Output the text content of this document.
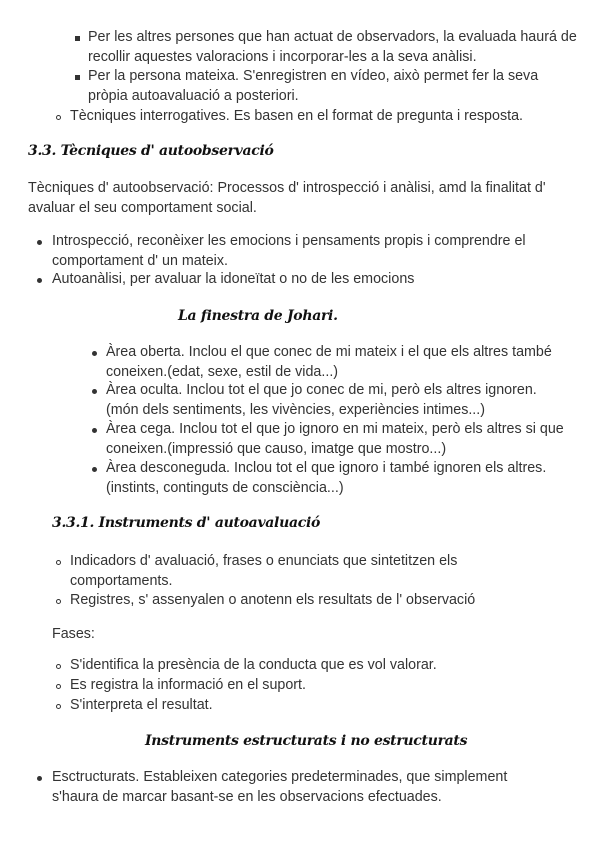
Per les altres persones que han actuat de observadors, la evaluada haurá de recollir aquestes valoracions i incorporar-les a la seva anàlisi.
Per la persona mateixa. S'enregistren en vídeo, això permet fer la seva pròpia autoavaluació a posteriori.
Tècniques interrogatives. Es basen en el format de pregunta i resposta.
3.3. Tècniques d' autoobservació

Tècniques d' autoobservació: Processos d' introspecció i anàlisi, amd la finalitat d' avaluar el seu comportament social.

Introspecció, reconèixer les emocions i pensaments propis i comprendre el comportament d' un mateix.
Autoanàlisi, per avaluar la idoneïtat o no de les emocions
La finestra de Johari.
Àrea oberta. Inclou el que conec de mi mateix i el que els altres també coneixen.(edat, sexe, estil de vida...)
Àrea oculta. Inclou tot el que jo conec de mi, però els altres ignoren. (món dels sentiments, les vivències, experiències intimes...)
Àrea cega. Inclou tot el que jo ignoro en mi mateix, però els altres si que coneixen.(impressió que causo, imatge que mostro...)
Àrea desconeguda. Inclou tot el que ignoro i també ignoren els altres. (instints, continguts de consciència...)
3.3.1. Instruments d' autoavaluació
Indicadors d' avaluació, frases o enunciats que sintetitzen els comportaments.
Registres, s' assenyalen o anotenn els resultats de l' observació

Fases:

S'identifica la presència de la conducta que es vol valorar.
Es registra la informació en el suport.
S'interpreta el resultat.
Instruments estructurats i no estructurats
Esctructurats. Estableixen categories predeterminades, que simplement s'haura de marcar basant-se en les observacions efectuades.
